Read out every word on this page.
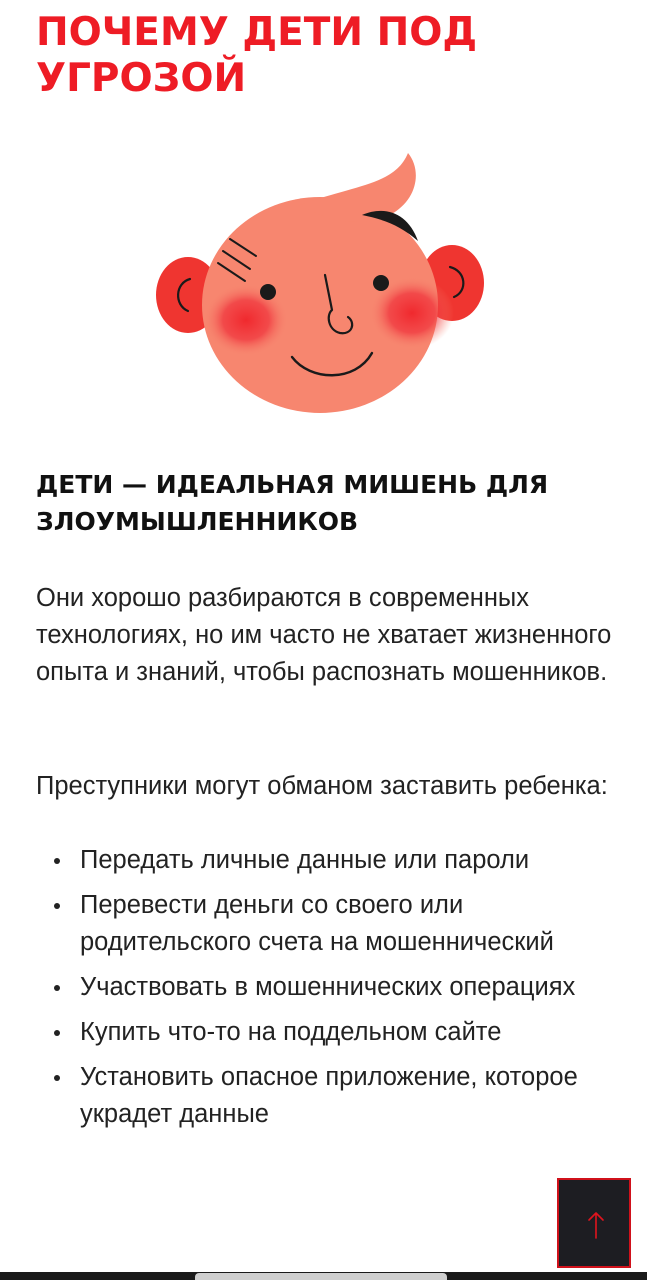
ПОЧЕМУ ДЕТИ ПОД УГРОЗОЙ
ДЕТИ — ИДЕАЛЬНАЯ МИШЕНЬ ДЛЯ ЗЛОУМЫШЛЕННИКОВ

Они хорошо разбираются в современных технологиях, но им часто не хватает жизненного опыта и знаний, чтобы распознать мошенников.

Преступники могут обманом заставить ребенка:

Передать личные данные или пароли
Перевести деньги со своего или родительского счета на мошеннический
Участвовать в мошеннических операциях
Купить что-то на поддельном сайте
Установить опасное приложение, которое украдет данные
